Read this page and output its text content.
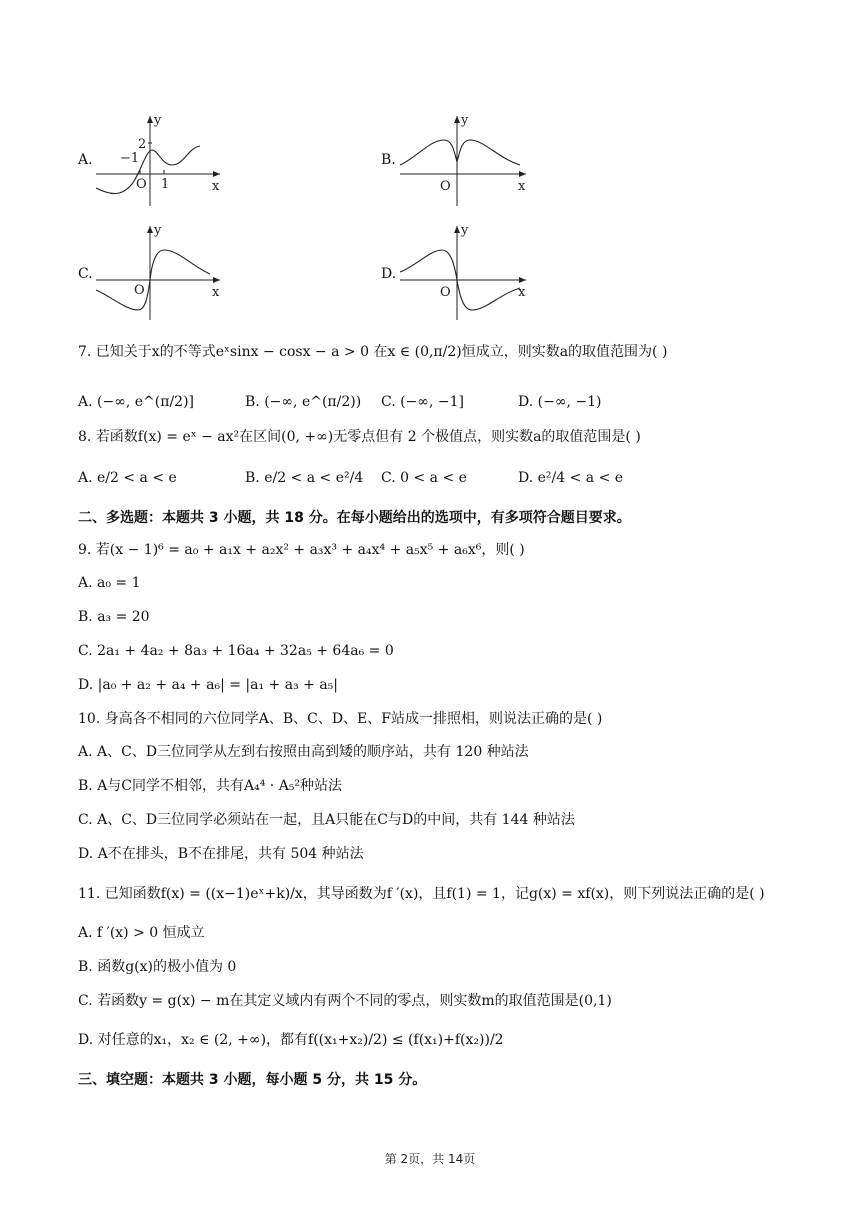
A.
y
x
2
−1
1
O
B.
y
x
O
C.
y
x
O
D.
y
x
O
7. 已知关于x的不等式eˣsinx − cosx − a > 0 在x ∈ (0,π/2)恒成立，则实数a的取值范围为( )
A. (−∞, e^(π/2)]	B. (−∞, e^(π/2)) C. (−∞, −1]	D. (−∞, −1)
8. 若函数f(x) = eˣ − ax²在区间(0, +∞)无零点但有 2 个极值点，则实数a的取值范围是( )
A. e/2 < a < e	B. e/2 < a < e²/4 C. 0 < a < e	D. e²/4 < a < e
二、多选题：本题共 3 小题，共 18 分。在每小题给出的选项中，有多项符合题目要求。
9. 若(x − 1)⁶ = a₀ + a₁x + a₂x² + a₃x³ + a₄x⁴ + a₅x⁵ + a₆x⁶，则( )
A. a₀ = 1
B. a₃ = 20
C. 2a₁ + 4a₂ + 8a₃ + 16a₄ + 32a₅ + 64a₆ = 0
D. |a₀ + a₂ + a₄ + a₆| = |a₁ + a₃ + a₅|
10. 身高各不相同的六位同学A、B、C、D、E、F站成一排照相，则说法正确的是( )
A. A、C、D三位同学从左到右按照由高到矮的顺序站，共有 120 种站法
B. A与C同学不相邻，共有A₄⁴ · A₅²种站法
C. A、C、D三位同学必须站在一起，且A只能在C与D的中间，共有 144 种站法
D. A不在排头，B不在排尾，共有 504 种站法
11. 已知函数f(x) = ((x−1)eˣ+k)/x，其导函数为f ′(x)，且f(1) = 1，记g(x) = xf(x)，则下列说法正确的是( )
A. f ′(x) > 0 恒成立
B. 函数g(x)的极小值为 0
C. 若函数y = g(x) − m在其定义域内有两个不同的零点，则实数m的取值范围是(0,1)
D. 对任意的x₁，x₂ ∈ (2, +∞)，都有f((x₁+x₂)/2) ≤ (f(x₁)+f(x₂))/2
三、填空题：本题共 3 小题，每小题 5 分，共 15 分。
第 2页，共 14页
